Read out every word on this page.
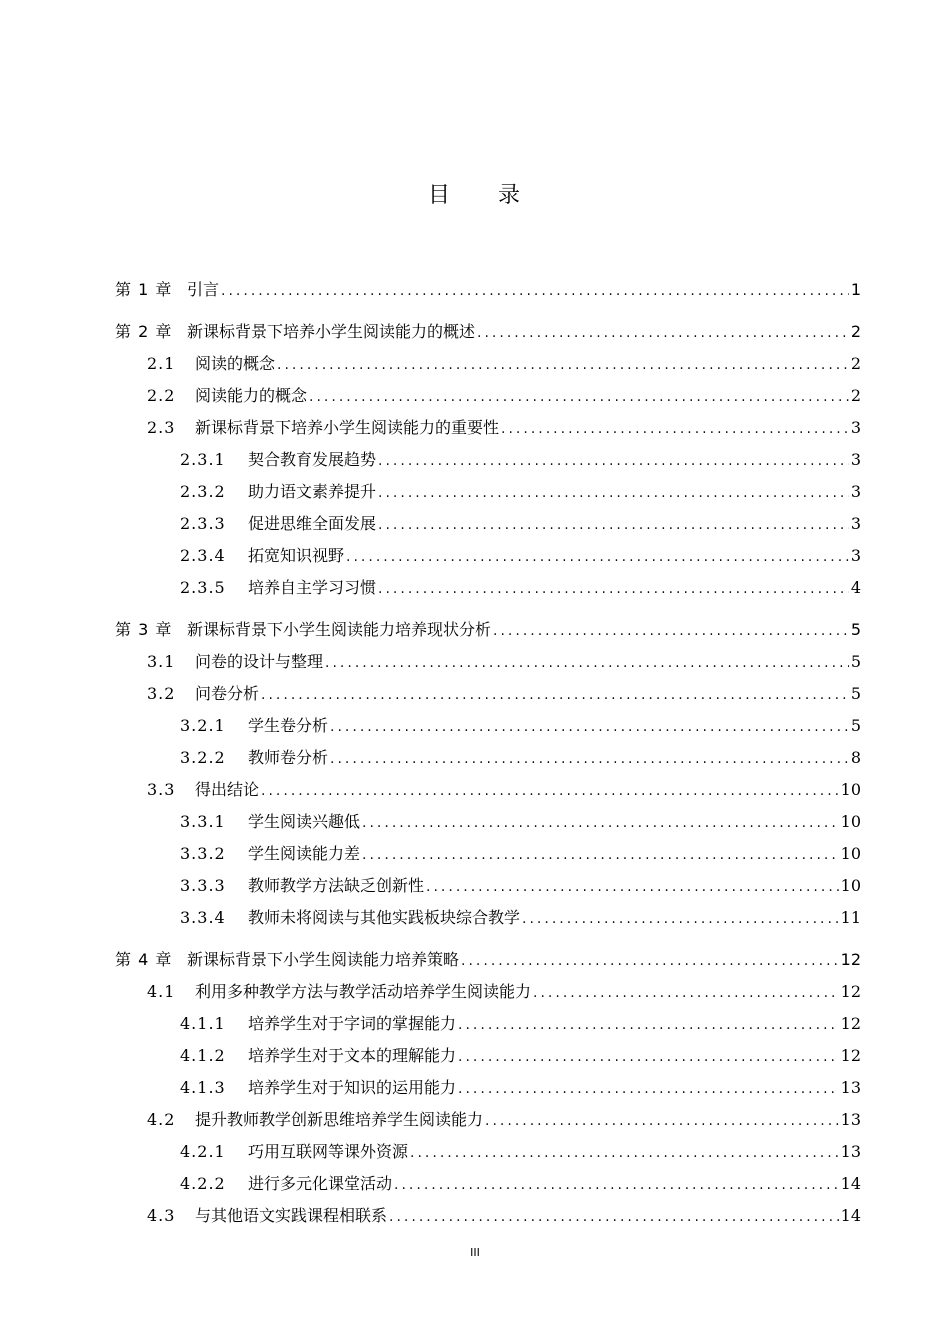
目 录
第 1 章 引言 .....	1
第 2 章 新课标背景下培养小学生阅读能力的概述 .....	2
2.1	阅读的概念 .....	2
2.2	阅读能力的概念 .....	2
2.3	新课标背景下培养小学生阅读能力的重要性 .....	3
2.3.1	契合教育发展趋势 .....	3
2.3.2	助力语文素养提升 .....	3
2.3.3	促进思维全面发展 .....	3
2.3.4	拓宽知识视野 .....	3
2.3.5	培养自主学习习惯 .....	4
第 3 章 新课标背景下小学生阅读能力培养现状分析 .....	5
3.1	问卷的设计与整理 .....	5
3.2	问卷分析 .....	5
3.2.1	学生卷分析 .....	5
3.2.2	教师卷分析 .....	8
3.3	得出结论 .....	10
3.3.1	学生阅读兴趣低 .....	10
3.3.2	学生阅读能力差 .....	10
3.3.3	教师教学方法缺乏创新性 .....	10
3.3.4	教师未将阅读与其他实践板块综合教学 .....	11
第 4 章 新课标背景下小学生阅读能力培养策略 .....	12
4.1	利用多种教学方法与教学活动培养学生阅读能力 .....	12
4.1.1	培养学生对于字词的掌握能力 .....	12
4.1.2	培养学生对于文本的理解能力 .....	12
4.1.3	培养学生对于知识的运用能力 .....	13
4.2	提升教师教学创新思维培养学生阅读能力 .....	13
4.2.1	巧用互联网等课外资源 .....	13
4.2.2	进行多元化课堂活动 .....	14
4.3	与其他语文实践课程相联系 .....	14
III
